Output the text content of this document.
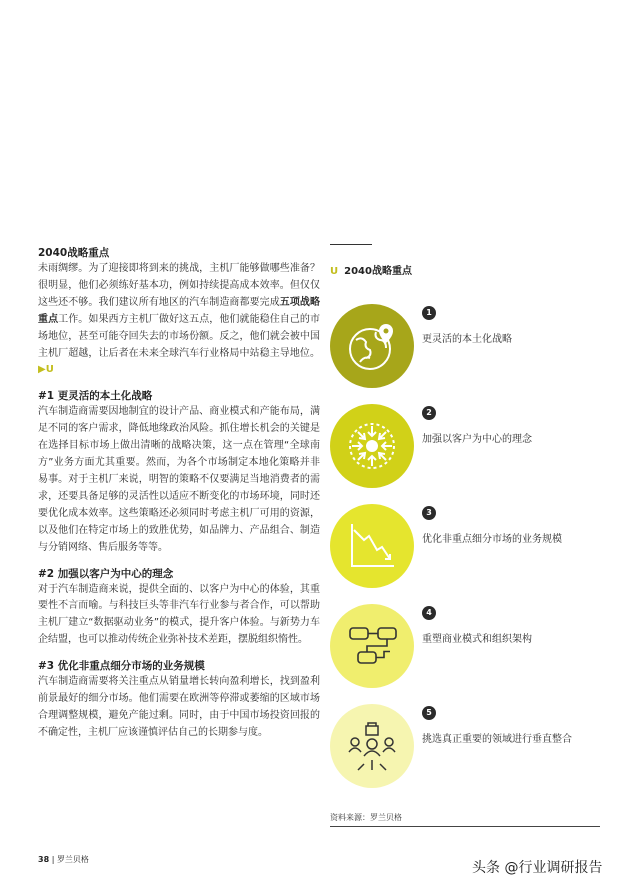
2040战略重点

未雨绸缪。为了迎接即将到来的挑战，主机厂能够做哪些准备？很明显，他们必须练好基本功，例如持续提高成本效率。但仅仅这些还不够。我们建议所有地区的汽车制造商都要完成五项战略重点工作。如果西方主机厂做好这五点，他们就能稳住自己的市场地位，甚至可能夺回失去的市场份额。反之，他们就会被中国主机厂超越，让后者在未来全球汽车行业格局中站稳主导地位。 ▶U

#1 更灵活的本土化战略

汽车制造商需要因地制宜的设计产品、商业模式和产能布局，满足不同的客户需求，降低地缘政治风险。抓住增长机会的关键是在选择目标市场上做出清晰的战略决策，这一点在管理“全球南方”业务方面尤其重要。然而，为各个市场制定本地化策略并非易事。对于主机厂来说，明智的策略不仅要满足当地消费者的需求，还要具备足够的灵活性以适应不断变化的市场环境，同时还要优化成本效率。这些策略还必须同时考虑主机厂可用的资源，以及他们在特定市场上的致胜优势，如品牌力、产品组合、制造与分销网络、售后服务等等。

#2 加强以客户为中心的理念

对于汽车制造商来说，提供全面的、以客户为中心的体验，其重要性不言而喻。与科技巨头等非汽车行业参与者合作，可以帮助主机厂建立“数据驱动业务”的模式，提升客户体验。与新势力车企结盟，也可以推动传统企业弥补技术差距，摆脱组织惰性。

#3 优化非重点细分市场的业务规模

汽车制造商需要将关注重点从销量增长转向盈利增长，找到盈利前景最好的细分市场。他们需要在欧洲等停滞或萎缩的区域市场合理调整规模，避免产能过剩。同时，由于中国市场投资回报的不确定性，主机厂应该谨慎评估自己的长期参与度。

U 2040战略重点
1
更灵活的本土化战略
2
加强以客户为中心的理念
3
优化非重点细分市场的业务规模
4
重塑商业模式和组织架构
5
挑选真正重要的领域进行垂直整合
资料来源：罗兰贝格
38 | 罗兰贝格
头条 @行业调研报告
